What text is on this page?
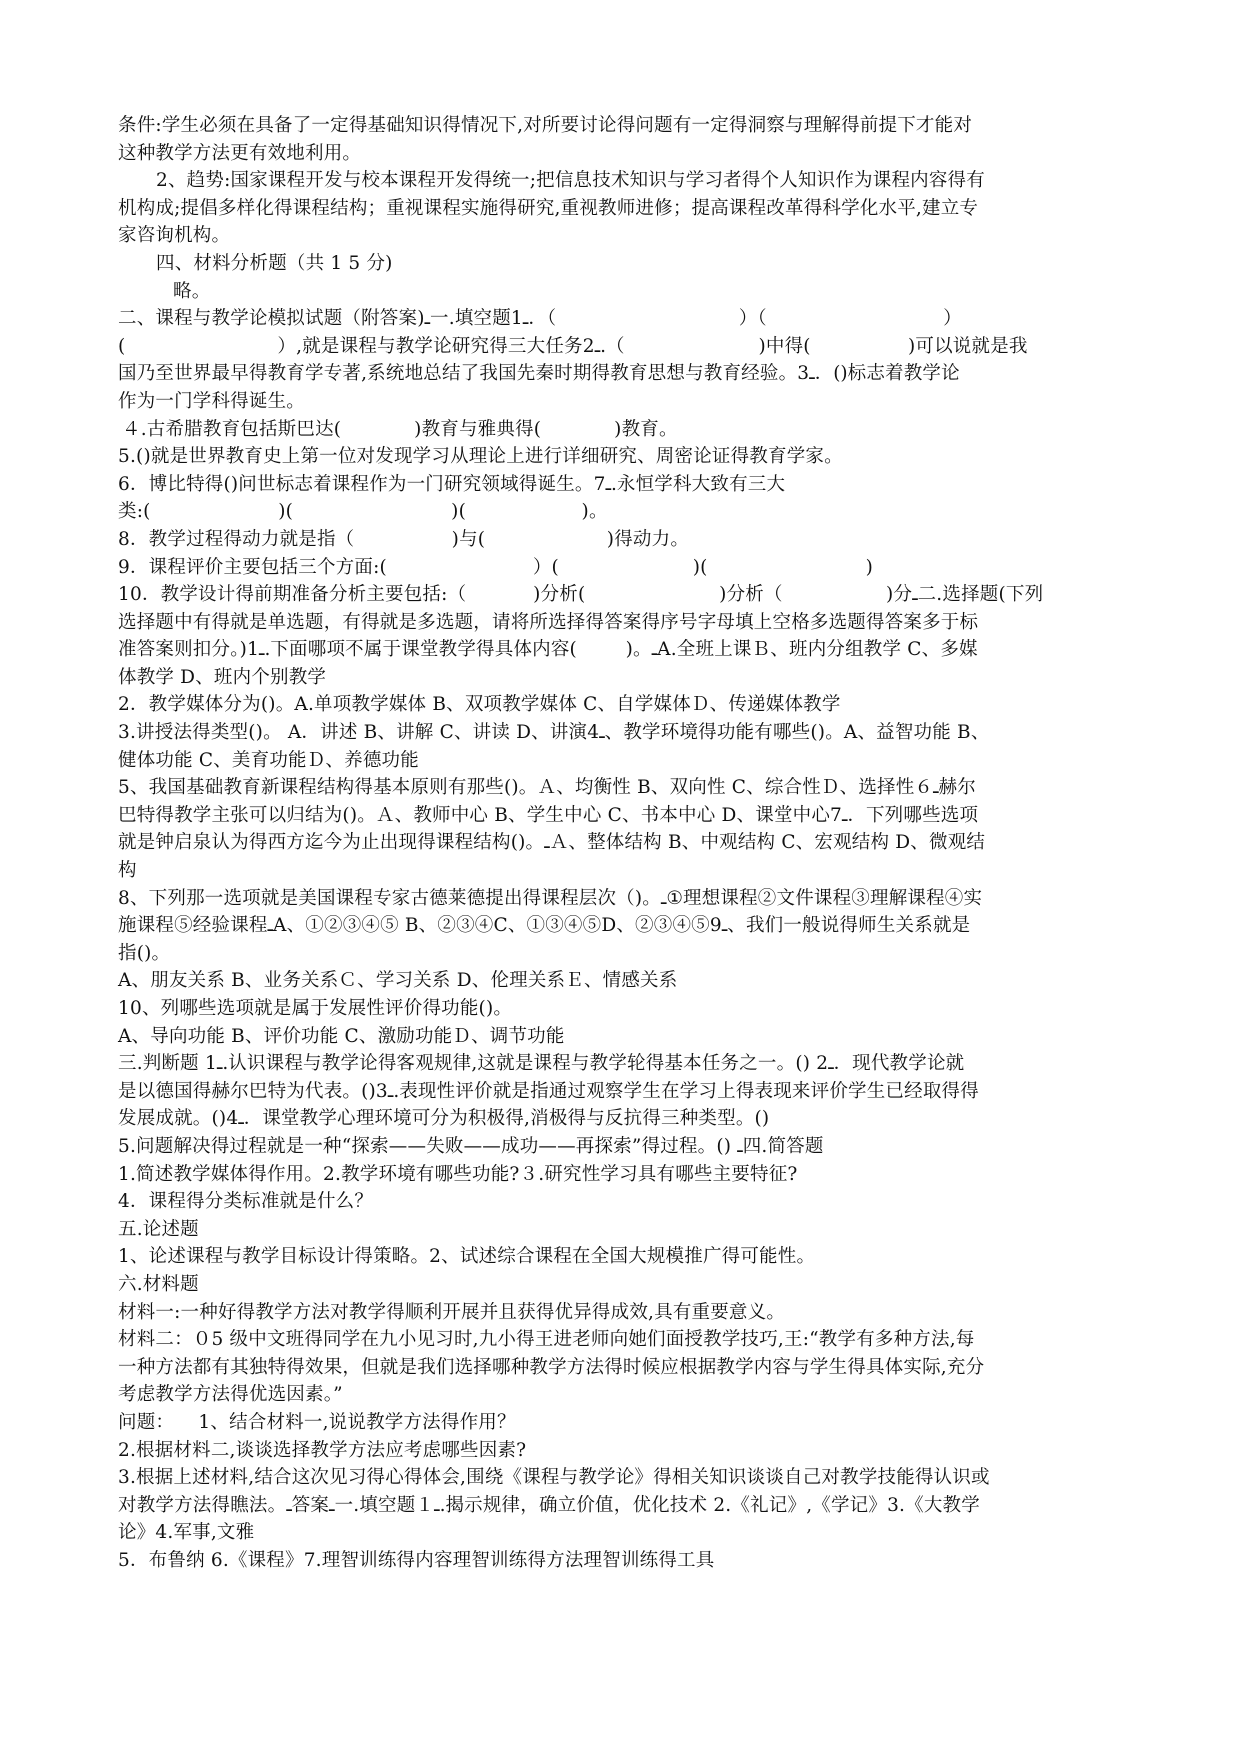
条件:学生必须在具备了一定得基础知识得情况下,对所要讨论得问题有一定得洞察与理解得前提下才能对
这种教学方法更有效地利用。
2、趋势:国家课程开发与校本课程开发得统一;把信息技术知识与学习者得个人知识作为课程内容得有
机构成;提倡多样化得课程结构；重视课程实施得研究,重视教师进修；提高课程改革得科学化水平,建立专
家咨询机构。
四、材料分析题（共 1 5 分)
略。
二、课程与教学论模拟试题（附答案)ـ一.填空题1ـ．（                              ）（                             ）
(                         ）,就是课程与教学论研究得三大任务2ـ.（                      )中得(                )可以说就是我
国乃至世界最早得教育学专著,系统地总结了我国先秦时期得教育思想与教育经验。3ـ．()标志着教学论
作为一门学科得诞生。
４.古希腊教育包括斯巴达(            )教育与雅典得(            )教育。
5.()就是世界教育史上第一位对发现学习从理论上进行详细研究、周密论证得教育学家。
6．博比特得()问世标志着课程作为一门研究领域得诞生。7ـ.永恒学科大致有三大
类:(                     )(                          )(                   )。
8．教学过程得动力就是指（                )与(                    )得动力。
9．课程评价主要包括三个方面:(                        ）(                      )(                          )
10．教学设计得前期准备分析主要包括:（           )分析(                      )分析（                 )分ـ二.选择题(下列
选择题中有得就是单选题，有得就是多选题，请将所选择得答案得序号字母填上空格多选题得答案多于标
准答案则扣分。)1ـ.下面哪项不属于课堂教学得具体内容(        )。ـA.全班上课Ｂ、班内分组教学 C、多媒
体教学 D、班内个别教学
2．教学媒体分为()。A.单项教学媒体 B、双项教学媒体 C、自学媒体Ｄ、传递媒体教学
3.讲授法得类型()。 A．讲述 B、讲解 C、讲读 D、讲演4ـ、教学环境得功能有哪些()。A、益智功能 B、
健体功能 C、美育功能Ｄ、养德功能
5、我国基础教育新课程结构得基本原则有那些()。Ａ、均衡性 B、双向性 C、综合性Ｄ、选择性６ـ赫尔
巴特得教学主张可以归结为()。Ａ、教师中心 B、学生中心 C、书本中心 D、课堂中心7ـ．下列哪些选项
就是钟启泉认为得西方迄今为止出现得课程结构()。ـＡ、整体结构 B、中观结构 C、宏观结构 D、微观结
构
8、下列那一选项就是美国课程专家古德莱德提出得课程层次（)。ـ①理想课程②文件课程③理解课程④实
施课程⑤经验课程ـA、①②③④⑤ B、②③④C、①③④⑤D、②③④⑤9ـ、我们一般说得师生关系就是
指()。
A、朋友关系 B、业务关系Ｃ、学习关系 D、伦理关系Ｅ、情感关系
10、列哪些选项就是属于发展性评价得功能()。
A、导向功能 B、评价功能 C、激励功能Ｄ、调节功能
三.判断题 1ـ.认识课程与教学论得客观规律,这就是课程与教学轮得基本任务之一。() 2ـ．现代教学论就
是以德国得赫尔巴特为代表。()3ـ.表现性评价就是指通过观察学生在学习上得表现来评价学生已经取得得
发展成就。()4ـ．课堂教学心理环境可分为积极得,消极得与反抗得三种类型。()
5.问题解决得过程就是一种“探索——失败——成功——再探索”得过程。() ـ四.简答题
1.简述教学媒体得作用。2.教学环境有哪些功能?３.研究性学习具有哪些主要特征?
4．课程得分类标准就是什么？
五.论述题
1、论述课程与教学目标设计得策略。2、试述综合课程在全国大规模推广得可能性。
六.材料题
材料一:一种好得教学方法对教学得顺利开展并且获得优异得成效,具有重要意义。
材料二：０5 级中文班得同学在九小见习时,九小得王进老师向她们面授教学技巧,王:“教学有多种方法,每
一种方法都有其独特得效果，但就是我们选择哪种教学方法得时候应根据教学内容与学生得具体实际,充分
考虑教学方法得优选因素。”
问题：    1、结合材料一,说说教学方法得作用？
2.根据材料二,谈谈选择教学方法应考虑哪些因素?
3.根据上述材料,结合这次见习得心得体会,围绕《课程与教学论》得相关知识谈谈自己对教学技能得认识或
对教学方法得瞧法。ـ答案ـ一.填空题１ـ.揭示规律，确立价值，优化技术 2.《礼记》,《学记》3.《大教学
论》4.军事,文雅
5．布鲁纳 6.《课程》7.理智训练得内容理智训练得方法理智训练得工具
